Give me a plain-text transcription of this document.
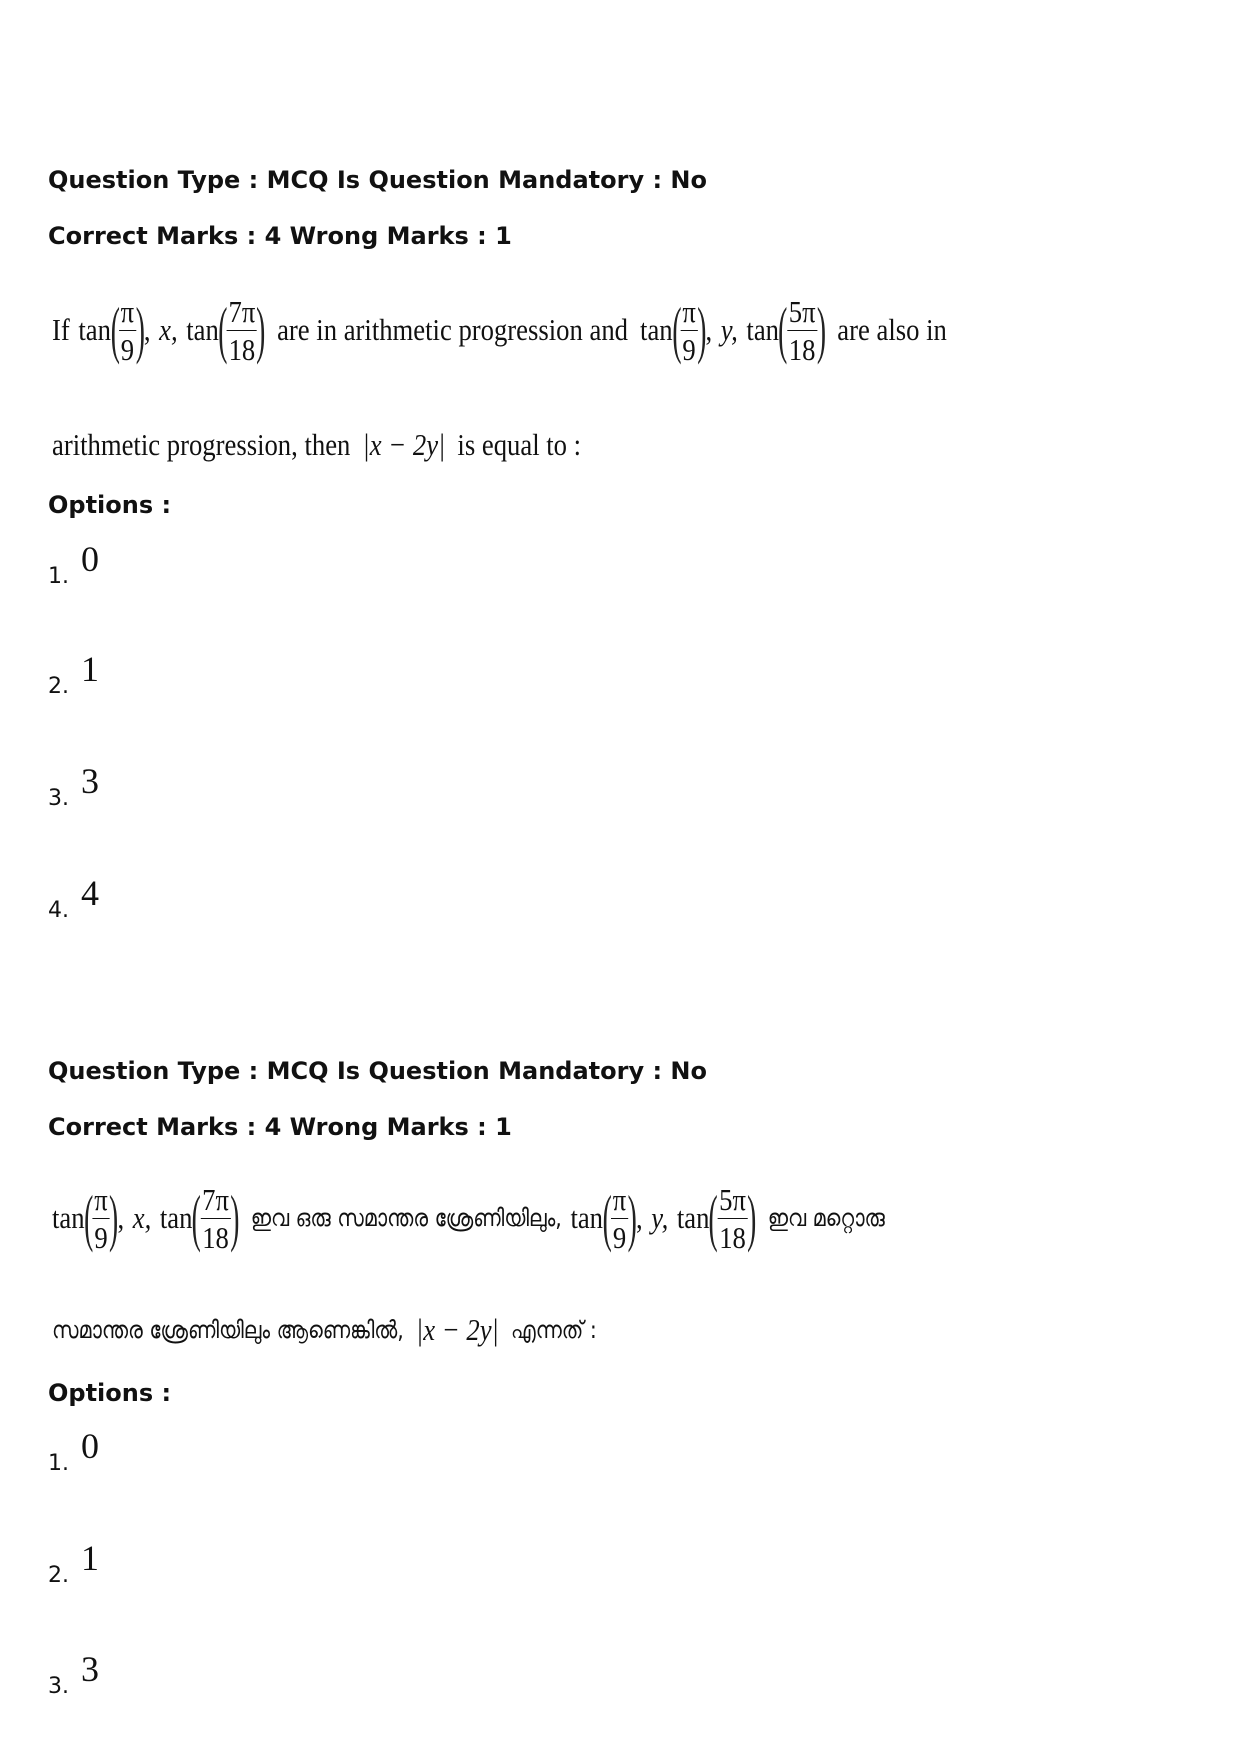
Question Type : MCQ Is Question Mandatory : No
Correct Marks : 4 Wrong Marks : 1
If tan ( $\frac{\pi}{9}$ ) , x, tan ( $\frac{7\pi}{18}$ ) are in arithmetic progression and tan ( $\frac{\pi}{9}$ ) , y, tan ( $\frac{5\pi}{18}$ ) are also in
arithmetic progression, then |x − 2y| is equal to :
Options :
1. 0
2. 1
3. 3
4. 4
Question Type : MCQ Is Question Mandatory : No
Correct Marks : 4 Wrong Marks : 1
tan ( $\frac{\pi}{9}$ ) , x, tan ( $\frac{7\pi}{18}$ ) ഇവ ഒരു സമാന്തര ശ്രേണിയിലും, tan ( $\frac{\pi}{9}$ ) , y, tan ( $\frac{5\pi}{18}$ ) ഇവ മറ്റൊരു
സമാന്തര ശ്രേണിയിലും ആണെങ്കിൽ, |x − 2y| എന്നത് :
Options :
1. 0
2. 1
3. 3
